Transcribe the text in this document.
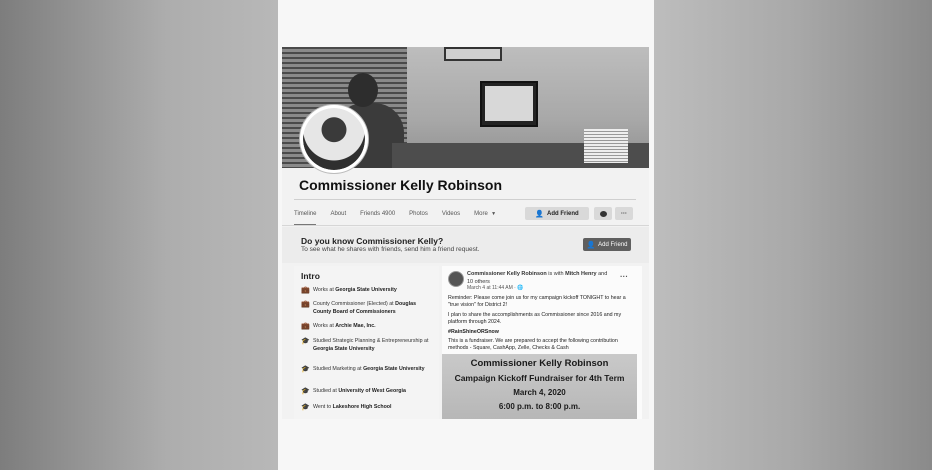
Commissioner Kelly Robinson
Timeline About Friends 4900 Photos Videos More ▼	👤 Add Friend	···
Do you know Commissioner Kelly?
To see what he shares with friends, send him a friend request.
👤 Add Friend
Intro
💼 Works at Georgia State University
💼 County Commissioner (Elected) at Douglas County Board of Commissioners
💼 Works at Archie Mae, Inc.
🎓 Studied Strategic Planning & Entrepreneurship at Georgia State University
🎓 Studied Marketing at Georgia State University
🎓 Studied at University of West Georgia
🎓 Went to Lakeshore High School
Commissioner Kelly Robinson is with Mitch Henry and
10 others
March 4 at 11:44 AM · 🌐
···

Reminder: Please come join us for my campaign kickoff TONIGHT to hear a "true vision" for District 2!

I plan to share the accomplishments as Commissioner since 2016 and my platform through 2024.

#RainShineORSnow

This is a fundraiser. We are prepared to accept the following contribution methods - Square, CashApp, Zelle, Checks & Cash

Commissioner Kelly Robinson
Campaign Kickoff Fundraiser for 4th Term
March 4, 2020
6:00 p.m. to 8:00 p.m.
